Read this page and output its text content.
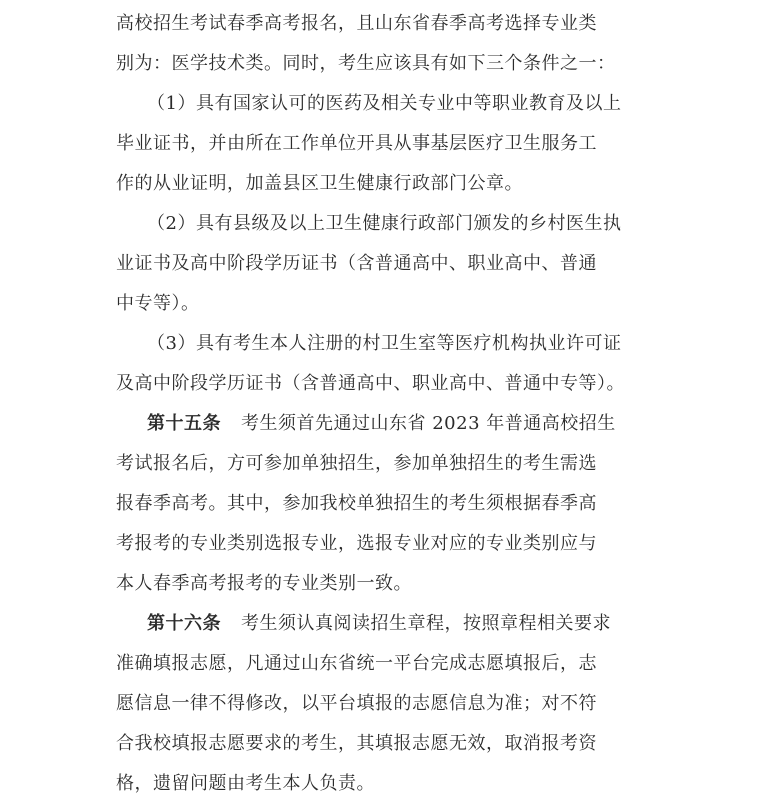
高校招生考试春季高考报名，且山东省春季高考选择专业类
别为：医学技术类。同时，考生应该具有如下三个条件之一：
（1）具有国家认可的医药及相关专业中等职业教育及以上
毕业证书，并由所在工作单位开具从事基层医疗卫生服务工
作的从业证明，加盖县区卫生健康行政部门公章。
（2）具有县级及以上卫生健康行政部门颁发的乡村医生执
业证书及高中阶段学历证书（含普通高中、职业高中、普通
中专等）。
（3）具有考生本人注册的村卫生室等医疗机构执业许可证
及高中阶段学历证书（含普通高中、职业高中、普通中专等）。
第十五条 考生须首先通过山东省 2023 年普通高校招生
考试报名后，方可参加单独招生，参加单独招生的考生需选
报春季高考。其中，参加我校单独招生的考生须根据春季高
考报考的专业类别选报专业，选报专业对应的专业类别应与
本人春季高考报考的专业类别一致。
第十六条 考生须认真阅读招生章程，按照章程相关要求
准确填报志愿，凡通过山东省统一平台完成志愿填报后，志
愿信息一律不得修改，以平台填报的志愿信息为准；对不符
合我校填报志愿要求的考生，其填报志愿无效，取消报考资
格，遗留问题由考生本人负责。
